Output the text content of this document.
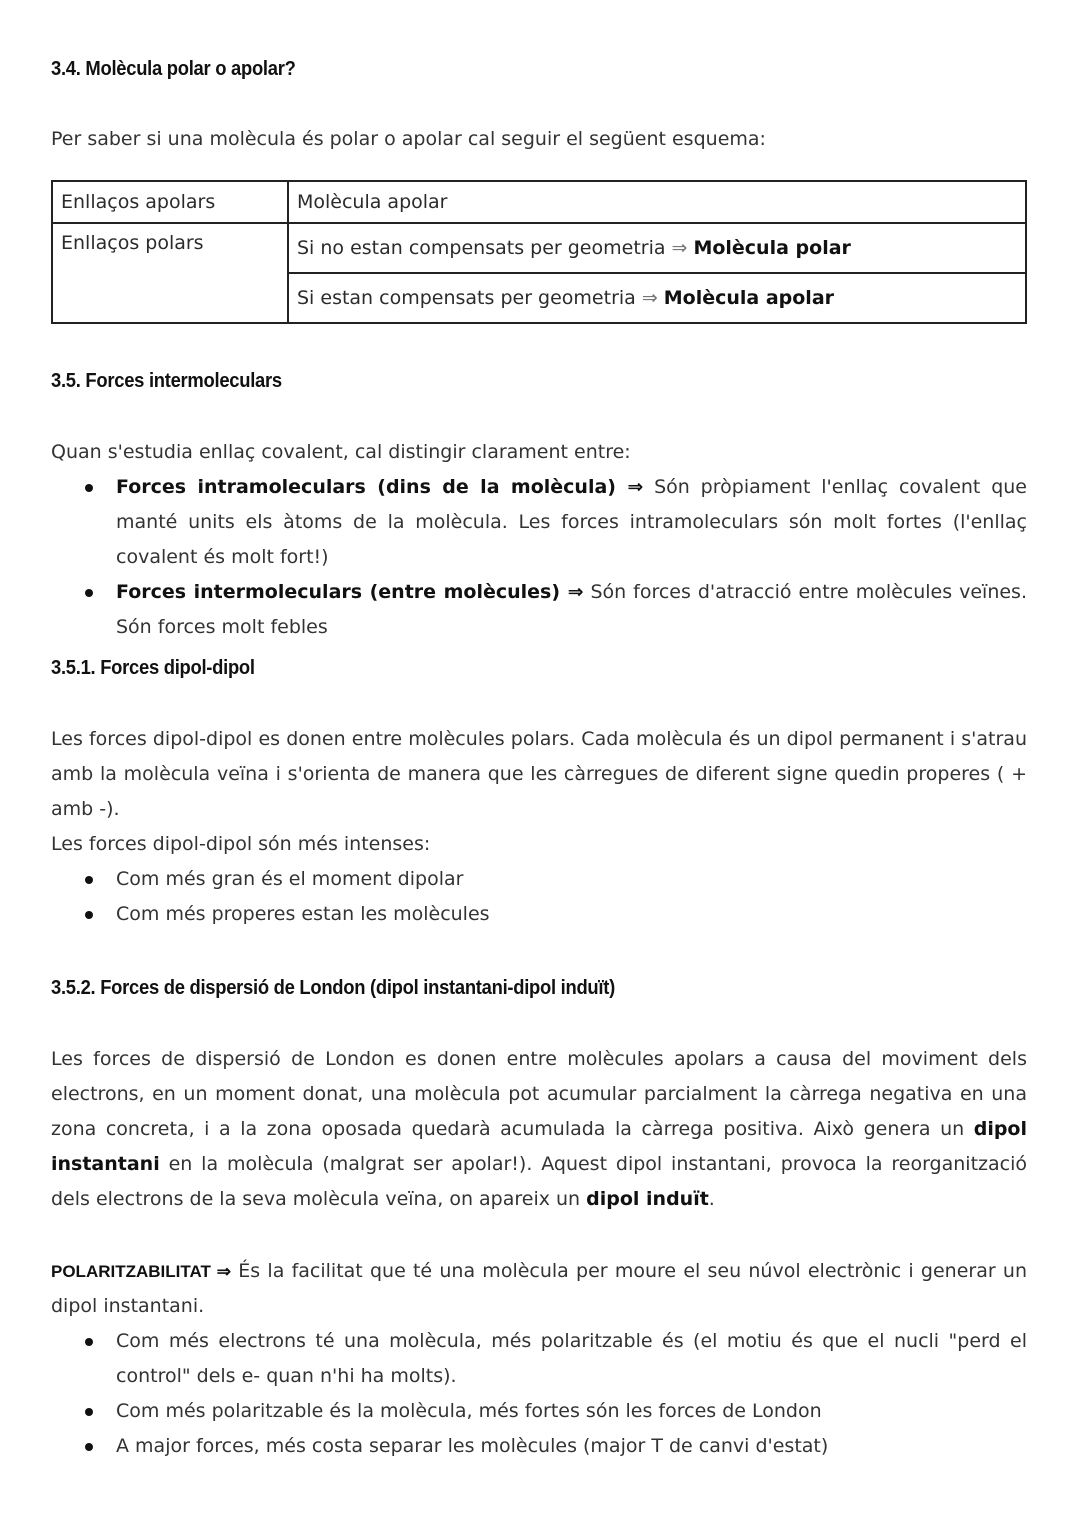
3.4. Molècula polar o apolar?

Per saber si una molècula és polar o apolar cal seguir el següent esquema:

Enllaços apolars	Molècula apolar
Enllaços polars	Si no estan compensats per geometria ⇒ Molècula polar
	Si estan compensats per geometria ⇒ Molècula apolar
3.5. Forces intermoleculars

Quan s'estudia enllaç covalent, cal distingir clarament entre:

Forces intramoleculars (dins de la molècula) ⇒ Són pròpiament l'enllaç covalent que manté units els àtoms de la molècula. Les forces intramoleculars són molt fortes (l'enllaç covalent és molt fort!)
Forces intermoleculars (entre molècules) ⇒ Són forces d'atracció entre molècules veïnes. Són forces molt febles
3.5.1. Forces dipol-dipol

Les forces dipol-dipol es donen entre molècules polars. Cada molècula és un dipol permanent i s'atrau amb la molècula veïna i s'orienta de manera que les càrregues de diferent signe quedin properes ( + amb -).

Les forces dipol-dipol són més intenses:

Com més gran és el moment dipolar
Com més properes estan les molècules
3.5.2. Forces de dispersió de London (dipol instantani-dipol induït)

Les forces de dispersió de London es donen entre molècules apolars a causa del moviment dels electrons, en un moment donat, una molècula pot acumular parcialment la càrrega negativa en una zona concreta, i a la zona oposada quedarà acumulada la càrrega positiva. Això genera un dipol instantani en la molècula (malgrat ser apolar!). Aquest dipol instantani, provoca la reorganització dels electrons de la seva molècula veïna, on apareix un dipol induït.

POLARITZABILITAT ⇒ És la facilitat que té una molècula per moure el seu núvol electrònic i generar un dipol instantani.

Com més electrons té una molècula, més polaritzable és (el motiu és que el nucli "perd el control" dels e- quan n'hi ha molts).
Com més polaritzable és la molècula, més fortes són les forces de London
A major forces, més costa separar les molècules (major T de canvi d'estat)
